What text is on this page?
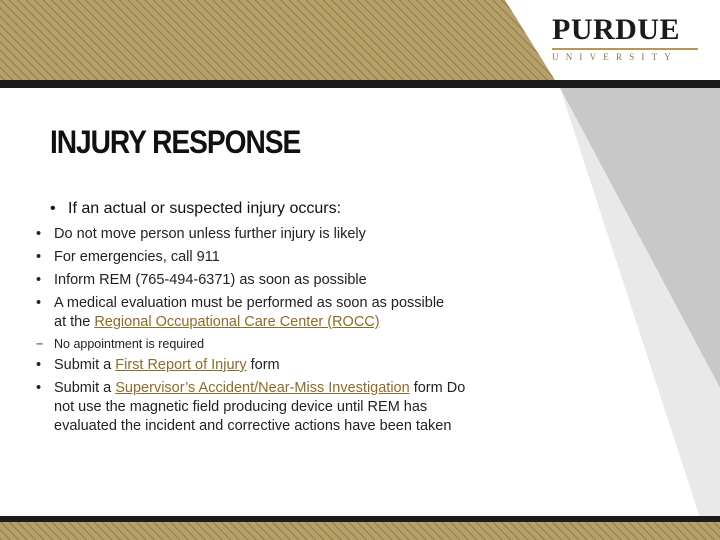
PURDUE
UNIVERSITY
INJURY RESPONSE
• If an actual or suspected injury occurs:
• Do not move person unless further injury is likely
• For emergencies, call 911
• Inform REM (765-494-6371) as soon as possible
• A medical evaluation must be performed as soon as possible at the Regional Occupational Care Center (ROCC)
− No appointment is required
• Submit a First Report of Injury form
• Submit a Supervisor’s Accident/Near-Miss Investigation form Do not use the magnetic field producing device until REM has evaluated the incident and corrective actions have been taken
